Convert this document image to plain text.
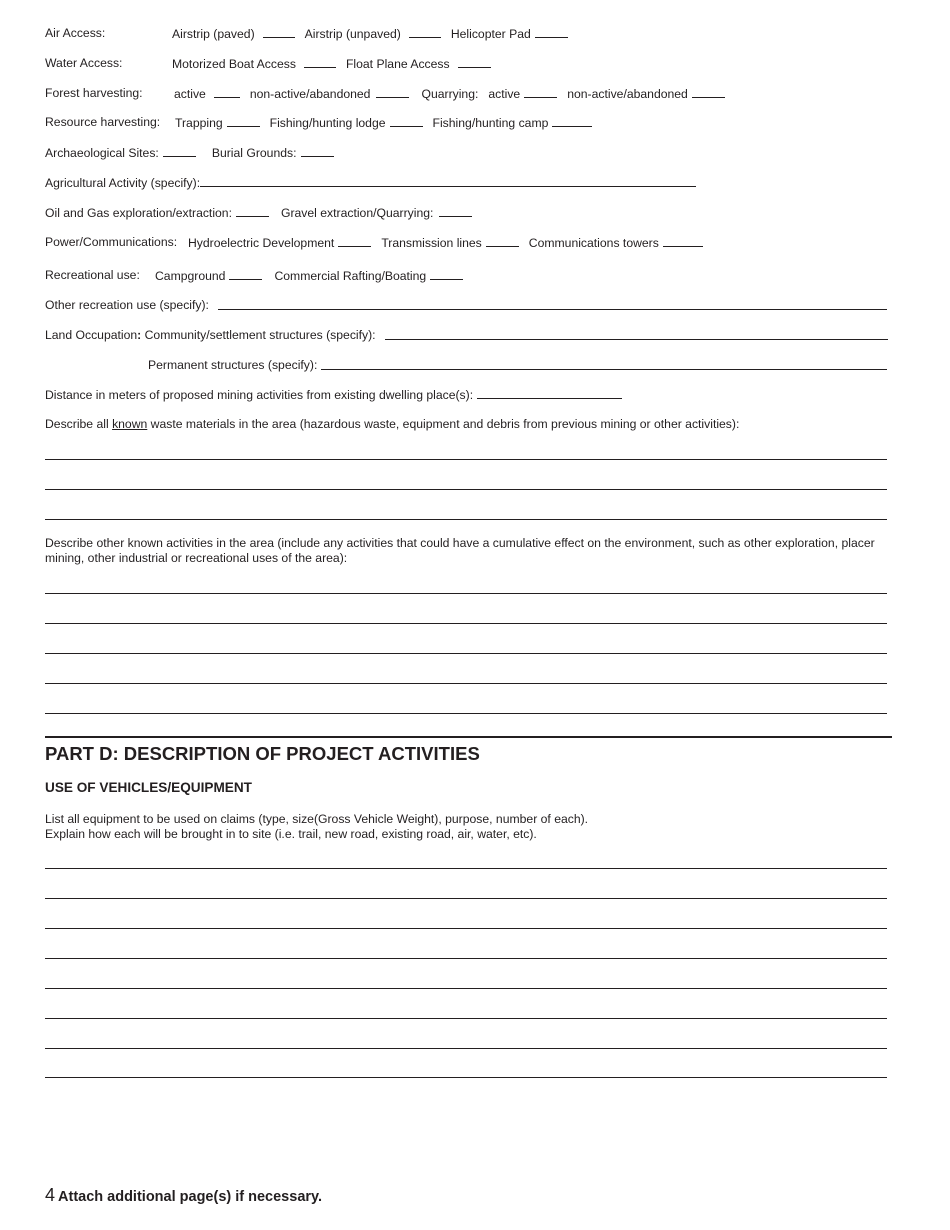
Air Access:	Airstrip (paved)	Airstrip (unpaved)	Helicopter Pad
Water Access:	Motorized Boat Access	Float Plane Access
Forest harvesting:	active	non-active/abandoned	Quarrying: active	non-active/abandoned
Resource harvesting: Trapping	Fishing/hunting lodge	Fishing/hunting camp
Archaeological Sites:	Burial Grounds:
Agricultural Activity (specify):
Oil and Gas exploration/extraction:	Gravel extraction/Quarrying:
Power/Communications: Hydroelectric Development	Transmission lines	Communications towers
Recreational use: Campground	Commercial Rafting/Boating
Other recreation use (specify):
Land Occupation: Community/settlement structures (specify):
Permanent structures (specify):
Distance in meters of proposed mining activities from existing dwelling place(s):
Describe all known waste materials in the area (hazardous waste, equipment and debris from previous mining or other activities):
Describe other known activities in the area (include any activities that could have a cumulative effect on the environment, such as other exploration, placer mining, other industrial or recreational uses of the area):
PART D: DESCRIPTION OF PROJECT ACTIVITIES
USE OF VEHICLES/EQUIPMENT
List all equipment to be used on claims (type, size(Gross Vehicle Weight), purpose, number of each).
Explain how each will be brought in to site (i.e. trail, new road, existing road, air, water, etc).
4 Attach additional page(s) if necessary.
